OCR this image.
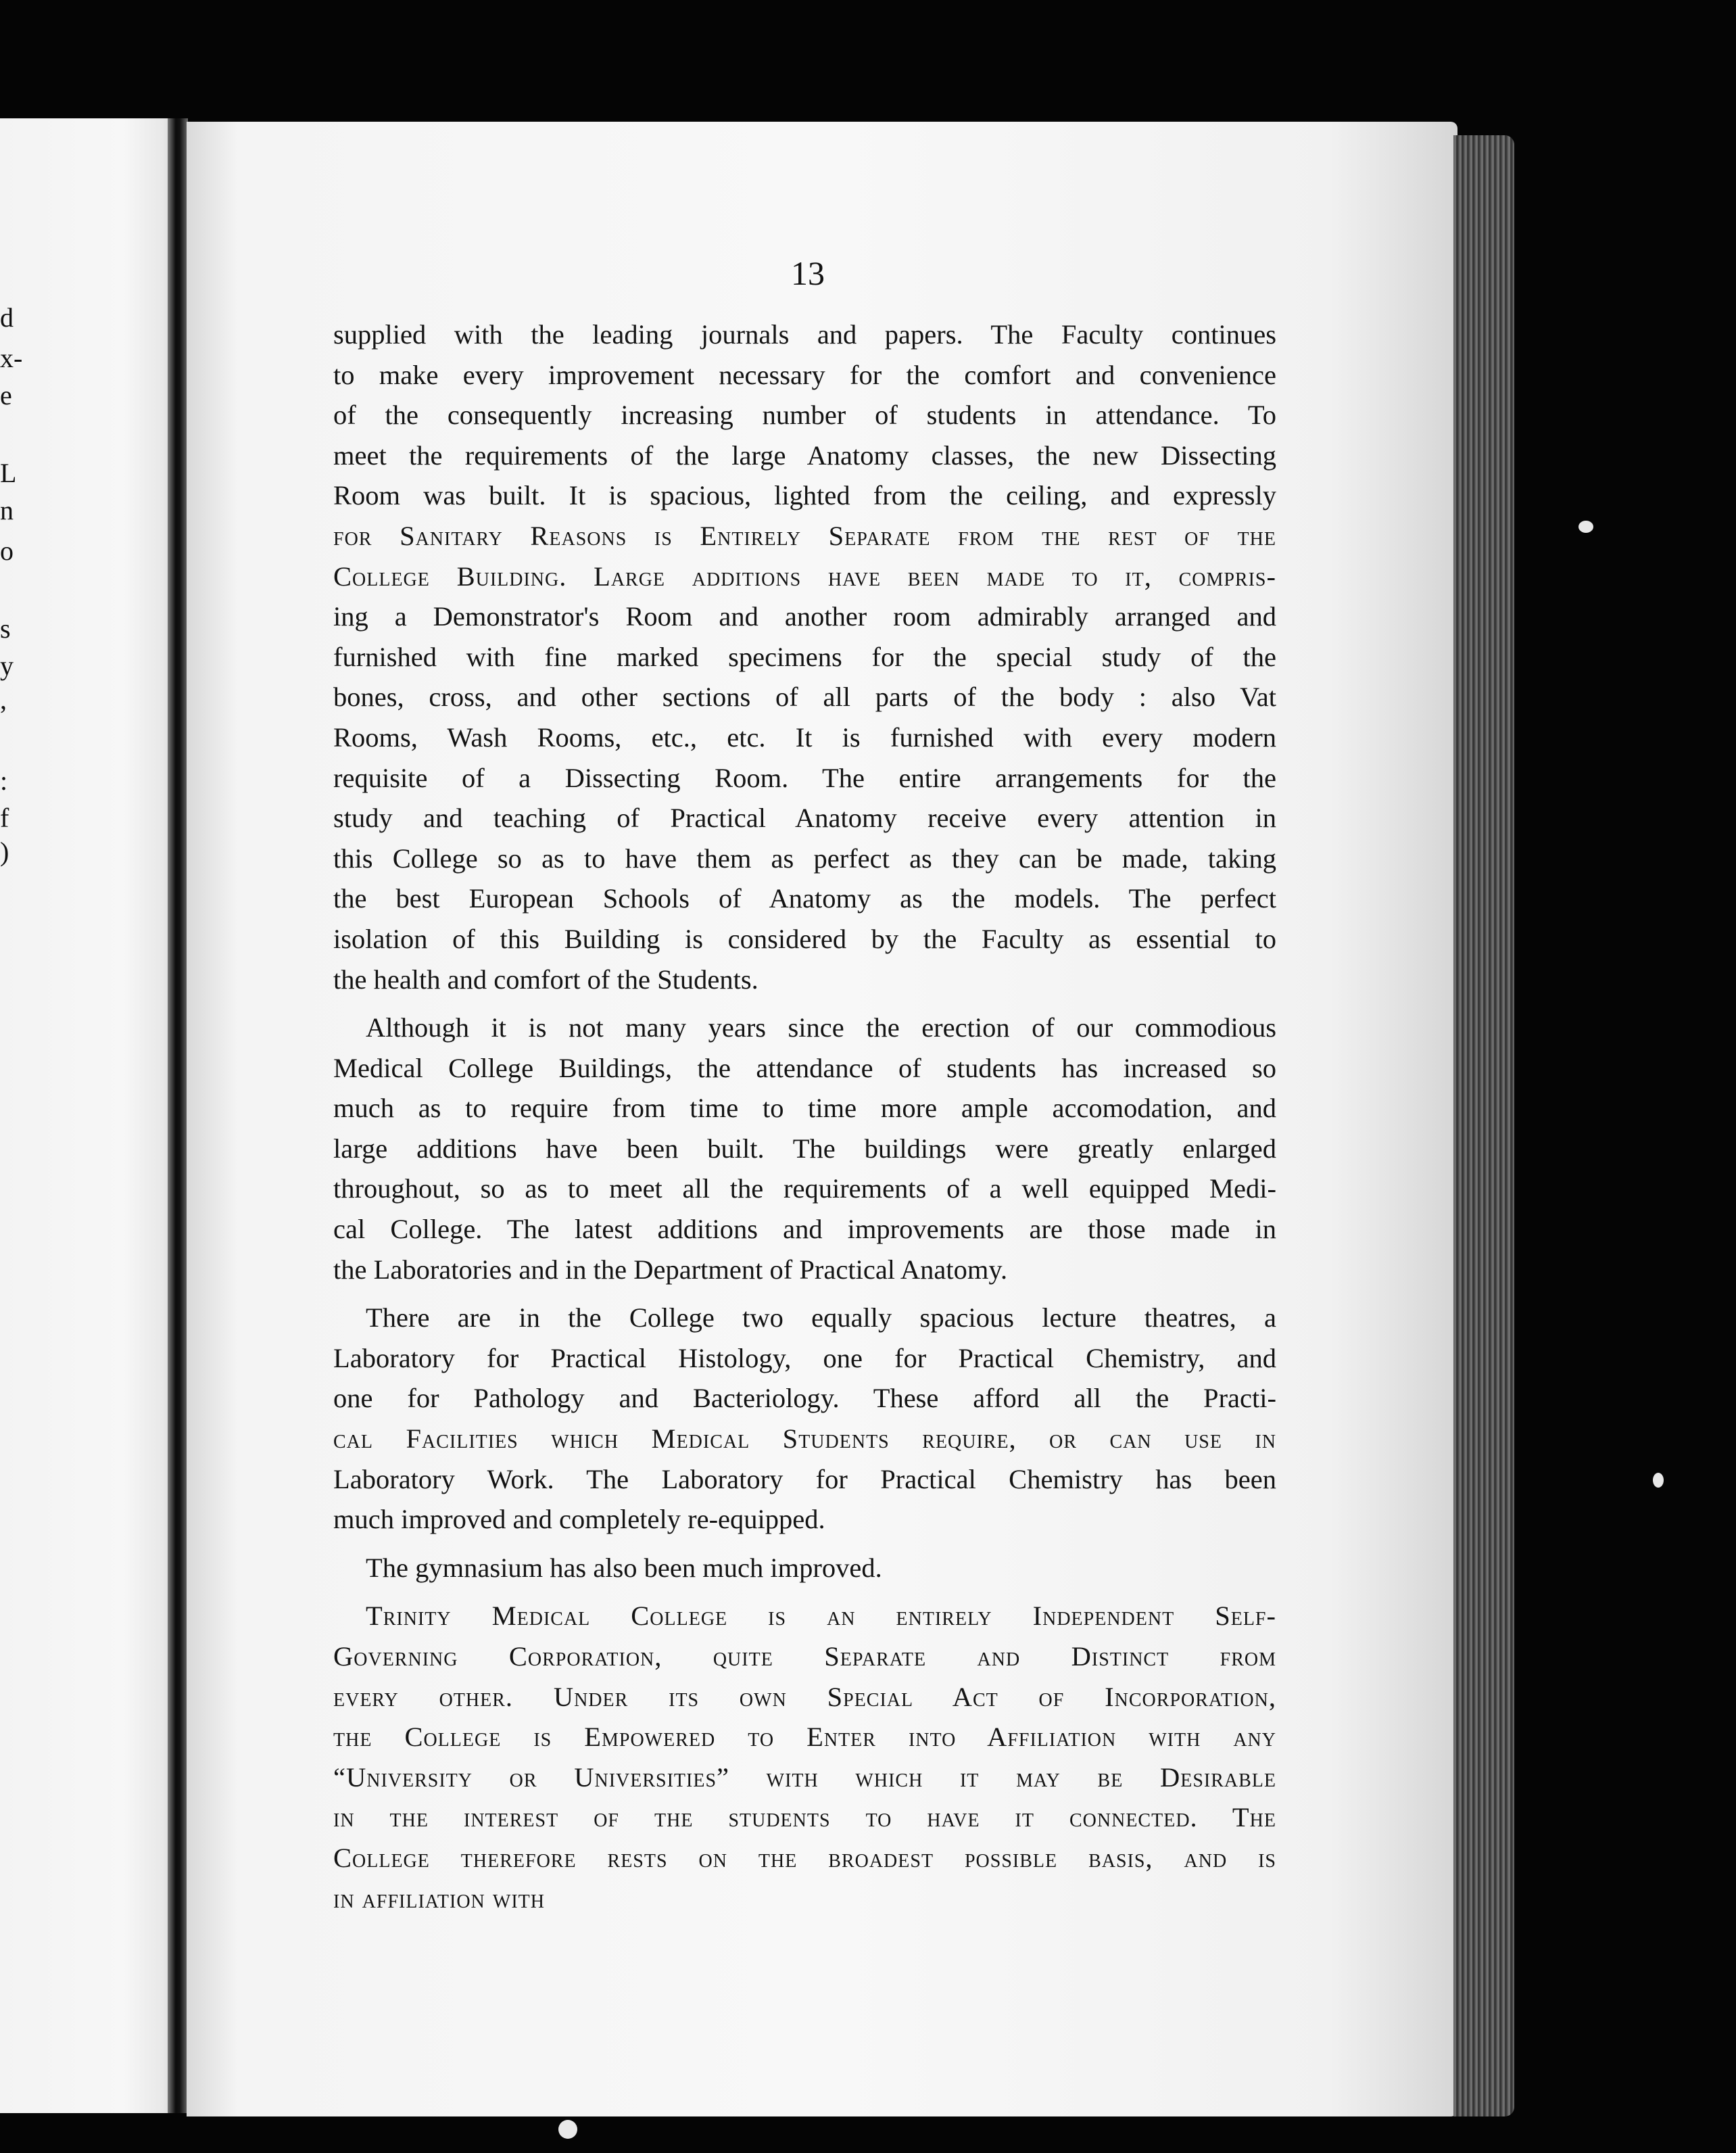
d
x-
e
L
n
o
s
y
,
:
f
)
13
supplied with the leading journals and papers. The Faculty continues
to make every improvement necessary for the comfort and convenience
of the consequently increasing number of students in attendance. To
meet the requirements of the large Anatomy classes, the new Dissecting
Room was built. It is spacious, lighted from the ceiling, and expressly
for Sanitary Reasons is Entirely Separate from the rest of the
College Building. Large additions have been made to it, compris-
ing a Demonstrator's Room and another room admirably arranged and
furnished with fine marked specimens for the special study of the
bones, cross, and other sections of all parts of the body : also Vat
Rooms, Wash Rooms, etc., etc. It is furnished with every modern
requisite of a Dissecting Room. The entire arrangements for the
study and teaching of Practical Anatomy receive every attention in
this College so as to have them as perfect as they can be made, taking
the best European Schools of Anatomy as the models. The perfect
isolation of this Building is considered by the Faculty as essential to
the health and comfort of the Students.
Although it is not many years since the erection of our commodious
Medical College Buildings, the attendance of students has increased so
much as to require from time to time more ample accomodation, and
large additions have been built. The buildings were greatly enlarged
throughout, so as to meet all the requirements of a well equipped Medi-
cal College. The latest additions and improvements are those made in
the Laboratories and in the Department of Practical Anatomy.
There are in the College two equally spacious lecture theatres, a
Laboratory for Practical Histology, one for Practical Chemistry, and
one for Pathology and Bacteriology. These afford all the Practi-
cal Facilities which Medical Students require, or can use in
Laboratory Work. The Laboratory for Practical Chemistry has been
much improved and completely re-equipped.
The gymnasium has also been much improved.
Trinity Medical College is an entirely Independent Self-
Governing Corporation, quite Separate and Distinct from
every other. Under its own Special Act of Incorporation,
the College is Empowered to Enter into Affiliation with any
“University or Universities” with which it may be Desirable
in the interest of the students to have it connected. The
College therefore rests on the broadest possible basis, and is
in affiliation with
